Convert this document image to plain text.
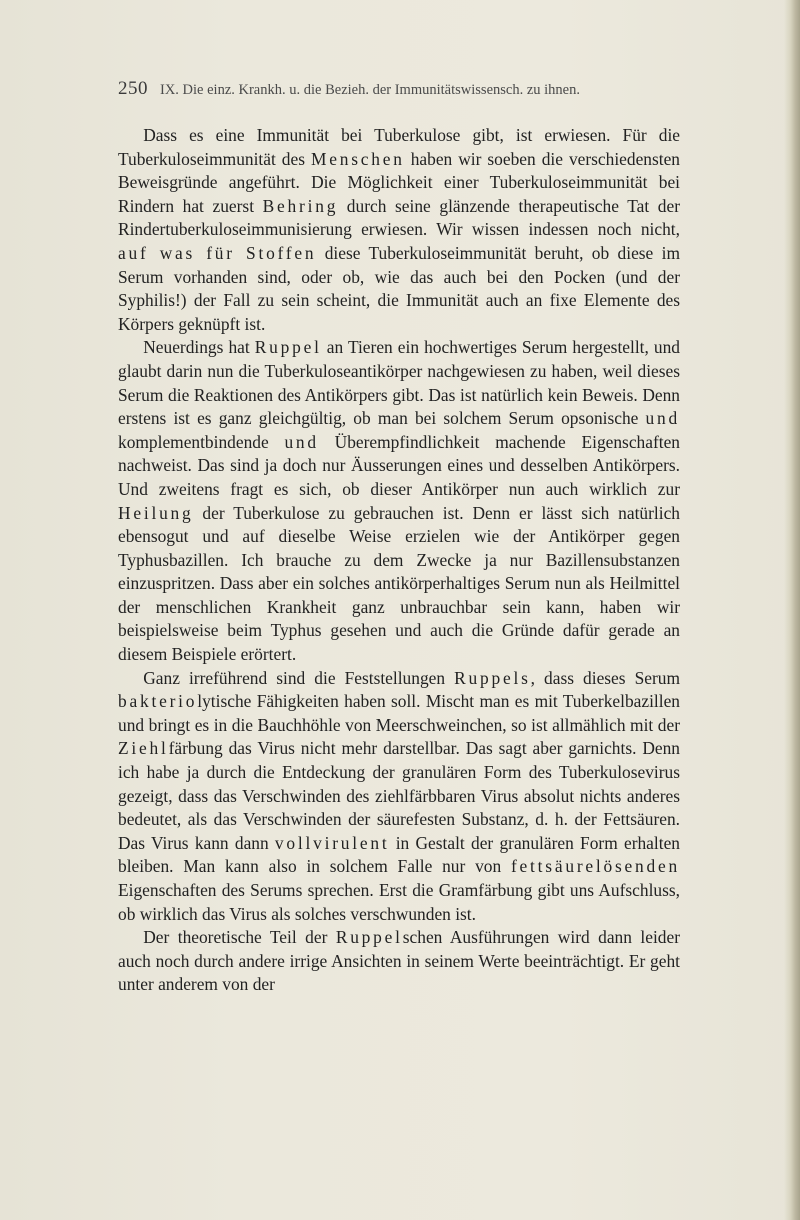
250 IX. Die einz. Krankh. u. die Bezieh. der Immunitätswissensch. zu ihnen.

Dass es eine Immunität bei Tuberkulose gibt, ist erwiesen. Für die Tuberkuloseimmunität des Menschen haben wir soeben die verschiedensten Beweisgründe angeführt. Die Möglichkeit einer Tuberkuloseimmunität bei Rindern hat zuerst Behring durch seine glänzende therapeutische Tat der Rindertuberkuloseimmunisierung erwiesen. Wir wissen indessen noch nicht, auf was für Stoffen diese Tuberkuloseimmunität beruht, ob diese im Serum vorhanden sind, oder ob, wie das auch bei den Pocken (und der Syphilis!) der Fall zu sein scheint, die Immunität auch an fixe Elemente des Körpers geknüpft ist.

Neuerdings hat Ruppel an Tieren ein hochwertiges Serum hergestellt, und glaubt darin nun die Tuberkuloseantikörper nachgewiesen zu haben, weil dieses Serum die Reaktionen des Antikörpers gibt. Das ist natürlich kein Beweis. Denn erstens ist es ganz gleichgültig, ob man bei solchem Serum opsonische und komplementbindende und Überempfindlichkeit machende Eigenschaften nachweist. Das sind ja doch nur Äusserungen eines und desselben Antikörpers. Und zweitens fragt es sich, ob dieser Antikörper nun auch wirklich zur Heilung der Tuberkulose zu gebrauchen ist. Denn er lässt sich natürlich ebensogut und auf dieselbe Weise erzielen wie der Antikörper gegen Typhusbazillen. Ich brauche zu dem Zwecke ja nur Bazillensubstanzen einzuspritzen. Dass aber ein solches antikörperhaltiges Serum nun als Heilmittel der menschlichen Krankheit ganz unbrauchbar sein kann, haben wir beispielsweise beim Typhus gesehen und auch die Gründe dafür gerade an diesem Beispiele erörtert.

Ganz irreführend sind die Feststellungen Ruppels, dass dieses Serum bakteriolytische Fähigkeiten haben soll. Mischt man es mit Tuberkelbazillen und bringt es in die Bauchhöhle von Meerschweinchen, so ist allmählich mit der Ziehlfärbung das Virus nicht mehr darstellbar. Das sagt aber garnichts. Denn ich habe ja durch die Entdeckung der granulären Form des Tuberkulosevirus gezeigt, dass das Verschwinden des ziehlfärbbaren Virus absolut nichts anderes bedeutet, als das Verschwinden der säurefesten Substanz, d. h. der Fettsäuren. Das Virus kann dann vollvirulent in Gestalt der granulären Form erhalten bleiben. Man kann also in solchem Falle nur von fettsäurelösenden Eigenschaften des Serums sprechen. Erst die Gramfärbung gibt uns Aufschluss, ob wirklich das Virus als solches verschwunden ist.

Der theoretische Teil der Ruppelschen Ausführungen wird dann leider auch noch durch andere irrige Ansichten in seinem Werte beeinträchtigt. Er geht unter anderem von der
